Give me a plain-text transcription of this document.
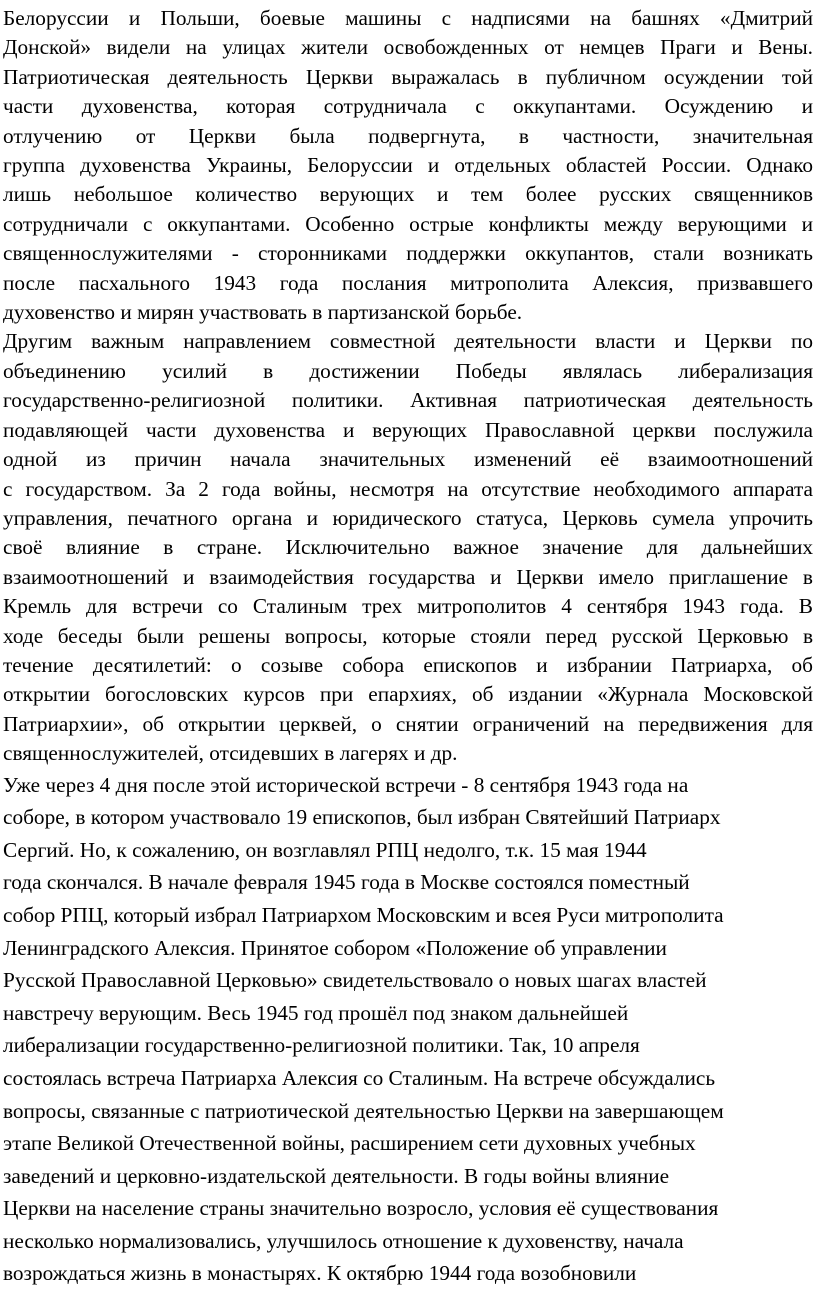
Белоруссии и Польши, боевые машины с надписями на башнях «Дмитрий
Донской» видели на улицах жители освобожденных от немцев Праги и Вены.
Патриотическая деятельность Церкви выражалась в публичном осуждении той
части духовенства, которая сотрудничала с оккупантами. Осуждению и
отлучению от Церкви была подвергнута, в частности, значительная
группа духовенства Украины, Белоруссии и отдельных областей России. Однако
лишь небольшое количество верующих и тем более русских священников
сотрудничали с оккупантами. Особенно острые конфликты между верующими и
священнослужителями - сторонниками поддержки оккупантов, стали возникать
после пасхального 1943 года послания митрополита Алексия, призвавшего
духовенство и мирян участвовать в партизанской борьбе.

Другим важным направлением совместной деятельности власти и Церкви по
объединению усилий в достижении Победы являлась либерализация
государственно-религиозной политики. Активная патриотическая деятельность
подавляющей части духовенства и верующих Православной церкви послужила
одной из причин начала значительных изменений её взаимоотношений
с государством. За 2 года войны, несмотря на отсутствие необходимого аппарата
управления, печатного органа и юридического статуса, Церковь сумела упрочить
своё влияние в стране. Исключительно важное значение для дальнейших
взаимоотношений и взаимодействия государства и Церкви имело приглашение в
Кремль для встречи со Сталиным трех митрополитов 4 сентября 1943 года. В
ходе беседы были решены вопросы, которые стояли перед русской Церковью в
течение десятилетий: о созыве собора епископов и избрании Патриарха, об
открытии богословских курсов при епархиях, об издании «Журнала Московской
Патриархии», об открытии церквей, о снятии ограничений на передвижения для
священнослужителей, отсидевших в лагерях и др.

Уже через 4 дня после этой исторической встречи - 8 сентября 1943 года на
соборе, в котором участвовало 19 епископов, был избран Святейший Патриарх
Сергий. Но, к сожалению, он возглавлял РПЦ недолго, т.к. 15 мая 1944
года скончался. В начале февраля 1945 года в Москве состоялся поместный
собор РПЦ, который избрал Патриархом Московским и всея Руси митрополита
Ленинградского Алексия. Принятое собором «Положение об управлении
Русской Православной Церковью» свидетельствовало о новых шагах властей
навстречу верующим. Весь 1945 год прошёл под знаком дальнейшей
либерализации государственно-религиозной политики. Так, 10 апреля
состоялась встреча Патриарха Алексия со Сталиным. На встрече обсуждались
вопросы, связанные с патриотической деятельностью Церкви на завершающем
этапе Великой Отечественной войны, расширением сети духовных учебных
заведений и церковно-издательской деятельности. В годы войны влияние
Церкви на население страны значительно возросло, условия её существования
несколько нормализовались, улучшилось отношение к духовенству, начала
возрождаться жизнь в монастырях. К октябрю 1944 года возобновили
